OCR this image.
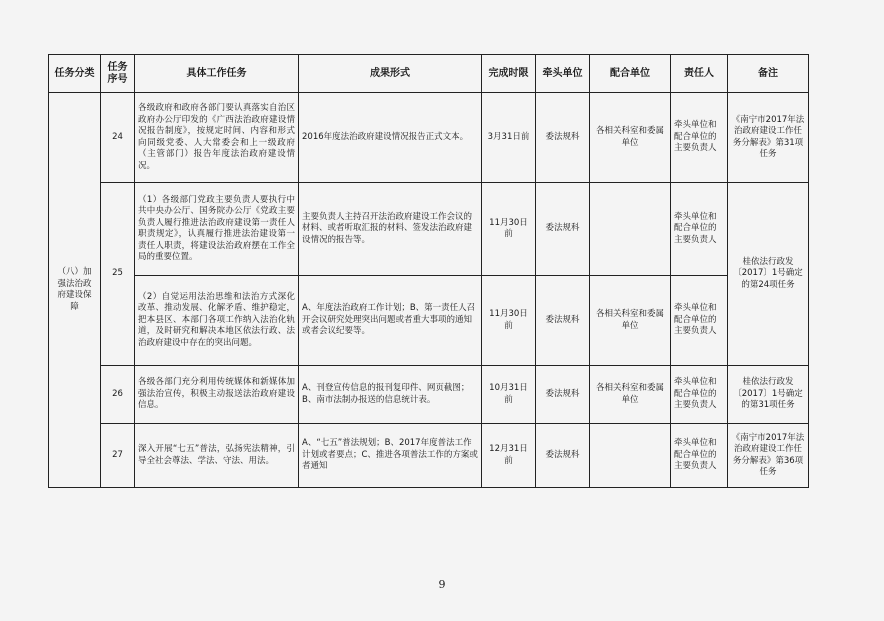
任务分类	任务序号	具体工作任务	成果形式	完成时限	牵头单位	配合单位	责任人	备注
（八）加强法治政府建设保障	24	各级政府和政府各部门要认真落实自治区政府办公厅印发的《广西法治政府建设情况报告制度》，按规定时间、内容和形式向同级党委、人大常委会和上一级政府（主管部门）报告年度法治政府建设情况。	2016年度法治政府建设情况报告正式文本。	3月31日前	委法规科	各相关科室和委属单位	牵头单位和配合单位的主要负责人	《南宁市2017年法治政府建设工作任务分解表》第31项任务
	25	（1）各级部门党政主要负责人要执行中共中央办公厅、国务院办公厅《党政主要负责人履行推进法治政府建设第一责任人职责规定》，认真履行推进法治建设第一责任人职责，将建设法治政府摆在工作全局的重要位置。	主要负责人主持召开法治政府建设工作会议的材料、或者听取汇报的材料、签发法治政府建设情况的报告等。	11月30日前	委法规科		牵头单位和配合单位的主要负责人	桂依法行政发〔2017〕1号确定的第24项任务
		（2）自觉运用法治思维和法治方式深化改革、推动发展、化解矛盾、维护稳定，把本县区、本部门各项工作纳入法治化轨道，及时研究和解决本地区依法行政、法治政府建设中存在的突出问题。	A、年度法治政府工作计划；B、第一责任人召开会议研究处理突出问题或者重大事项的通知或者会议纪要等。	11月30日前	委法规科	各相关科室和委属单位	牵头单位和配合单位的主要负责人	
	26	各级各部门充分利用传统媒体和新媒体加强法治宣传，积极主动报送法治政府建设信息。	A、刊登宣传信息的报刊复印件、网页截图；B、南市法制办报送的信息统计表。	10月31日前	委法规科	各相关科室和委属单位	牵头单位和配合单位的主要负责人	桂依法行政发〔2017〕1号确定的第31项任务
	27	深入开展“七五”普法，弘扬宪法精神，引导全社会尊法、学法、守法、用法。	A、“七五”普法规划；B、2017年度普法工作计划或者要点；C、推进各项普法工作的方案或者通知	12月31日前	委法规科		牵头单位和配合单位的主要负责人	《南宁市2017年法治政府建设工作任务分解表》第36项任务
9
